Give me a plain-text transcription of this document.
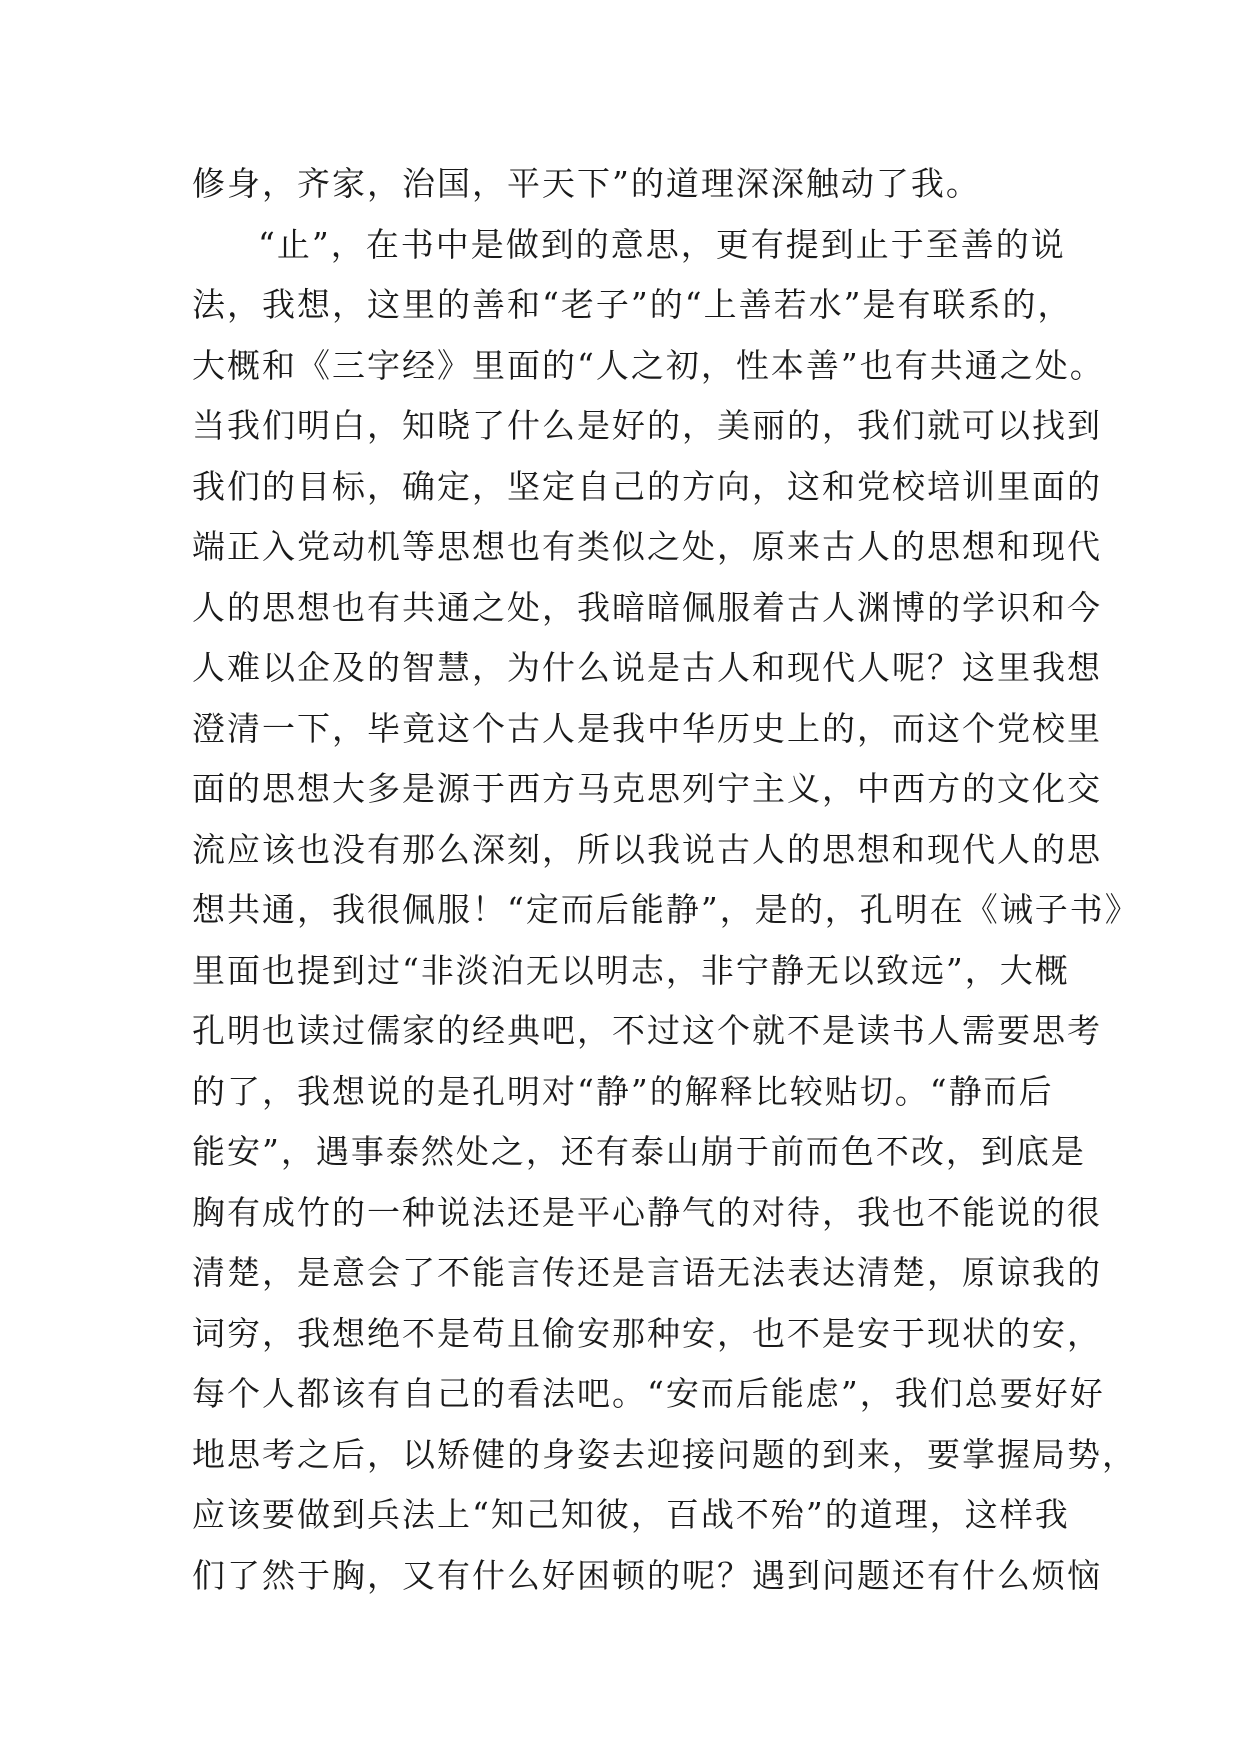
修身，齐家，治国，平天下”的道理深深触动了我。
“止”，在书中是做到的意思，更有提到止于至善的说
法，我想，这里的善和“老子”的“上善若水”是有联系的，
大概和《三字经》里面的“人之初，性本善”也有共通之处。
当我们明白，知晓了什么是好的，美丽的，我们就可以找到
我们的目标，确定，坚定自己的方向，这和党校培训里面的
端正入党动机等思想也有类似之处，原来古人的思想和现代
人的思想也有共通之处，我暗暗佩服着古人渊博的学识和今
人难以企及的智慧，为什么说是古人和现代人呢？这里我想
澄清一下，毕竟这个古人是我中华历史上的，而这个党校里
面的思想大多是源于西方马克思列宁主义，中西方的文化交
流应该也没有那么深刻，所以我说古人的思想和现代人的思
想共通，我很佩服！“定而后能静”，是的，孔明在《诫子书》
里面也提到过“非淡泊无以明志，非宁静无以致远”，大概
孔明也读过儒家的经典吧，不过这个就不是读书人需要思考
的了，我想说的是孔明对“静”的解释比较贴切。“静而后
能安”，遇事泰然处之，还有泰山崩于前而色不改，到底是
胸有成竹的一种说法还是平心静气的对待，我也不能说的很
清楚，是意会了不能言传还是言语无法表达清楚，原谅我的
词穷，我想绝不是苟且偷安那种安，也不是安于现状的安，
每个人都该有自己的看法吧。“安而后能虑”，我们总要好好
地思考之后，以矫健的身姿去迎接问题的到来，要掌握局势，
应该要做到兵法上“知己知彼，百战不殆”的道理，这样我
们了然于胸，又有什么好困顿的呢？遇到问题还有什么烦恼
